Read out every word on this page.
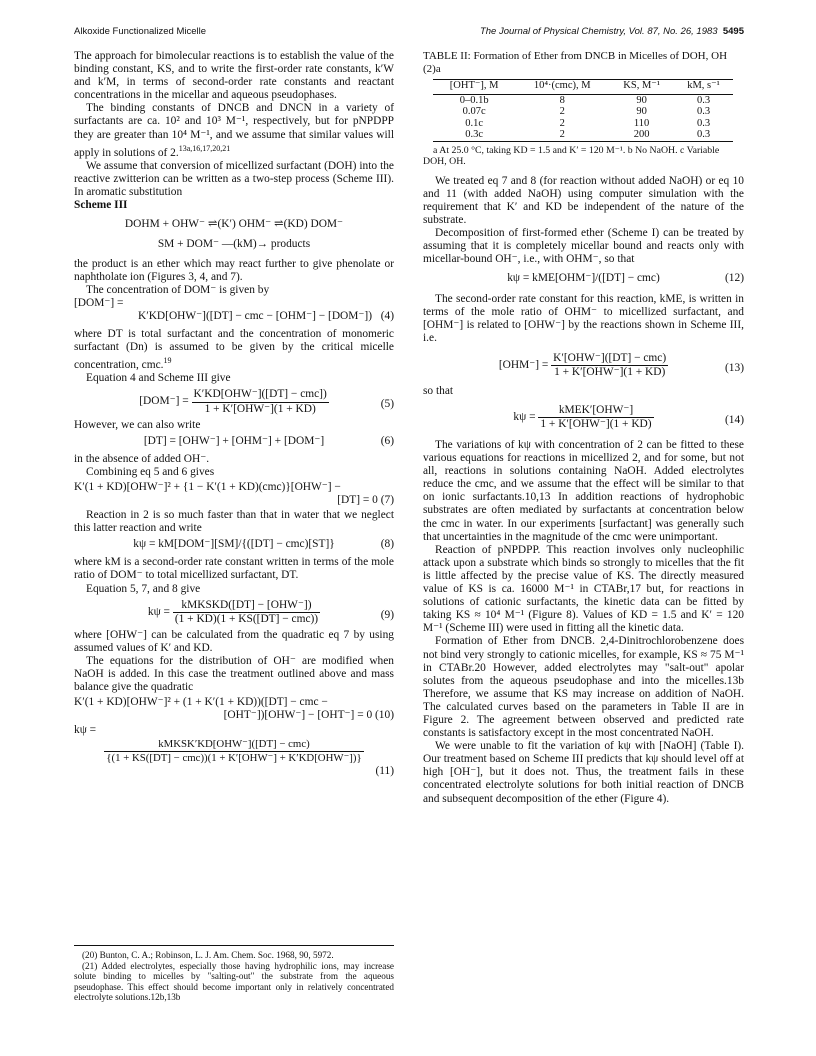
Alkoxide Functionalized Micelle	The Journal of Physical Chemistry, Vol. 87, No. 26, 1983 5495

The approach for bimolecular reactions is to establish the value of the binding constant, KS, and to write the first-order rate constants, k′W and k′M, in terms of second-order rate constants and reactant concentrations in the micellar and aqueous pseudophases.

The binding constants of DNCB and DNCN in a variety of surfactants are ca. 10² and 10³ M⁻¹, respectively, but for pNPDPP they are greater than 10⁴ M⁻¹, and we assume that similar values will apply in solutions of 2.$^{13a,16,17,20,21}$

We assume that conversion of micellized surfactant (DOH) into the reactive zwitterion can be written as a two-step process (Scheme III). In aromatic substitution

Scheme III
DOHM + OHW⁻ ⇌(K′) OHM⁻ ⇌(KD) DOM⁻
SM + DOM⁻ —(kM)→ products

the product is an ether which may react further to give phenolate or naphtholate ion (Figures 3, 4, and 7).

The concentration of DOM⁻ is given by

[DOM⁻] =
K′KD[OHW⁻]([DT] − cmc − [OHM⁻] − [DOM⁻]) (4)

where DT is total surfactant and the concentration of monomeric surfactant (Dn) is assumed to be given by the critical micelle concentration, cmc.$^{19}$

Equation 4 and Scheme III give

$[DOM^-] = \frac{\text{K′KD[OHW⁻]([DT] − cmc])}}{\text{1 + K′[OHW⁻](1 + KD)}}$	(5)

However, we can also write

[DT] = [OHW⁻] + [OHM⁻] + [DOM⁻]	(6)

in the absence of added OH⁻.

Combining eq 5 and 6 gives

K′(1 + KD)[OHW⁻]² + {1 − K′(1 + KD)(cmc)}[OHW⁻] −
[DT] = 0 (7)

Reaction in 2 is so much faster than that in water that we neglect this latter reaction and write

kψ = kM[DOM⁻][SM]/{([DT] − cmc)[ST]}	(8)

where kM is a second-order rate constant written in terms of the mole ratio of DOM⁻ to total micellized surfactant, DT.

Equation 5, 7, and 8 give

$k\psi = \frac{\text{kMKSKD([DT] − [OHW⁻])}}{\text{(1 + KD)(1 + KS([DT] − cmc))}}$	(9)

where [OHW⁻] can be calculated from the quadratic eq 7 by using assumed values of K′ and KD.

The equations for the distribution of OH⁻ are modified when NaOH is added. In this case the treatment outlined above and mass balance give the quadratic

K′(1 + KD)[OHW⁻]² + (1 + K′(1 + KD))([DT] − cmc −
[OHT⁻])[OHW⁻] − [OHT⁻] = 0 (10)
kψ =
$\frac{\text{kMKSK′KD[OHW⁻]([DT] − cmc)}}{\text{\{(1 + KS([DT] − cmc))(1 + K′[OHW⁻] + K′KD[OHW⁻])\}}}$
(11)

(20) Bunton, C. A.; Robinson, L. J. Am. Chem. Soc. 1968, 90, 5972.

(21) Added electrolytes, especially those having hydrophilic ions, may increase solute binding to micelles by "salting-out" the substrate from the aqueous pseudophase. This effect should become important only in relatively concentrated electrolyte solutions.12b,13b

TABLE II: Formation of Ether from DNCB in Micelles of DOH, OH (2)a

[OHT⁻], M	10⁴·(cmc), M	KS, M⁻¹	kM, s⁻¹

0–0.1b	8	90	0.3
0.07c	2	90	0.3
0.1c	2	110	0.3
0.3c	2	200	0.3

a At 25.0 °C, taking KD = 1.5 and K′ = 120 M⁻¹. b No NaOH. c Variable DOH, OH.

We treated eq 7 and 8 (for reaction without added NaOH) or eq 10 and 11 (with added NaOH) using computer simulation with the requirement that K′ and KD be independent of the nature of the substrate.

Decomposition of first-formed ether (Scheme I) can be treated by assuming that it is completely micellar bound and reacts only with micellar-bound OH⁻, i.e., with OHM⁻, so that

kψ = kME[OHM⁻]/([DT] − cmc)	(12)

The second-order rate constant for this reaction, kME, is written in terms of the mole ratio of OHM⁻ to micellized surfactant, and [OHM⁻] is related to [OHW⁻] by the reactions shown in Scheme III, i.e.

$[OHM^-] = \frac{\text{K′[OHW⁻]([DT] − cmc)}}{\text{1 + K′[OHW⁻](1 + KD)}}$	(13)

so that

$k\psi = \frac{\text{kMEK′[OHW⁻]}}{\text{1 + K′[OHW⁻](1 + KD)}}$	(14)

The variations of kψ with concentration of 2 can be fitted to these various equations for reactions in micellized 2, and for some, but not all, reactions in solutions containing NaOH. Added electrolytes reduce the cmc, and we assume that the effect will be similar to that on ionic surfactants.10,13 In addition reactions of hydrophobic substrates are often mediated by surfactants at concentration below the cmc in water. In our experiments [surfactant] was generally such that uncertainties in the magnitude of the cmc were unimportant.

Reaction of pNPDPP. This reaction involves only nucleophilic attack upon a substrate which binds so strongly to micelles that the fit is little affected by the precise value of KS. The directly measured value of KS is ca. 16000 M⁻¹ in CTABr,17 but, for reactions in solutions of cationic surfactants, the kinetic data can be fitted by taking KS ≈ 10⁴ M⁻¹ (Figure 8). Values of KD = 1.5 and K′ = 120 M⁻¹ (Scheme III) were used in fitting all the kinetic data.

Formation of Ether from DNCB. 2,4-Dinitrochlorobenzene does not bind very strongly to cationic micelles, for example, KS ≈ 75 M⁻¹ in CTABr.20 However, added electrolytes may "salt-out" apolar solutes from the aqueous pseudophase and into the micelles.13b Therefore, we assume that KS may increase on addition of NaOH. The calculated curves based on the parameters in Table II are in Figure 2. The agreement between observed and predicted rate constants is satisfactory except in the most concentrated NaOH.

We were unable to fit the variation of kψ with [NaOH] (Table I). Our treatment based on Scheme III predicts that kψ should level off at high [OH⁻], but it does not. Thus, the treatment fails in these concentrated electrolyte solutions for both initial reaction of DNCB and subsequent decomposition of the ether (Figure 4).
